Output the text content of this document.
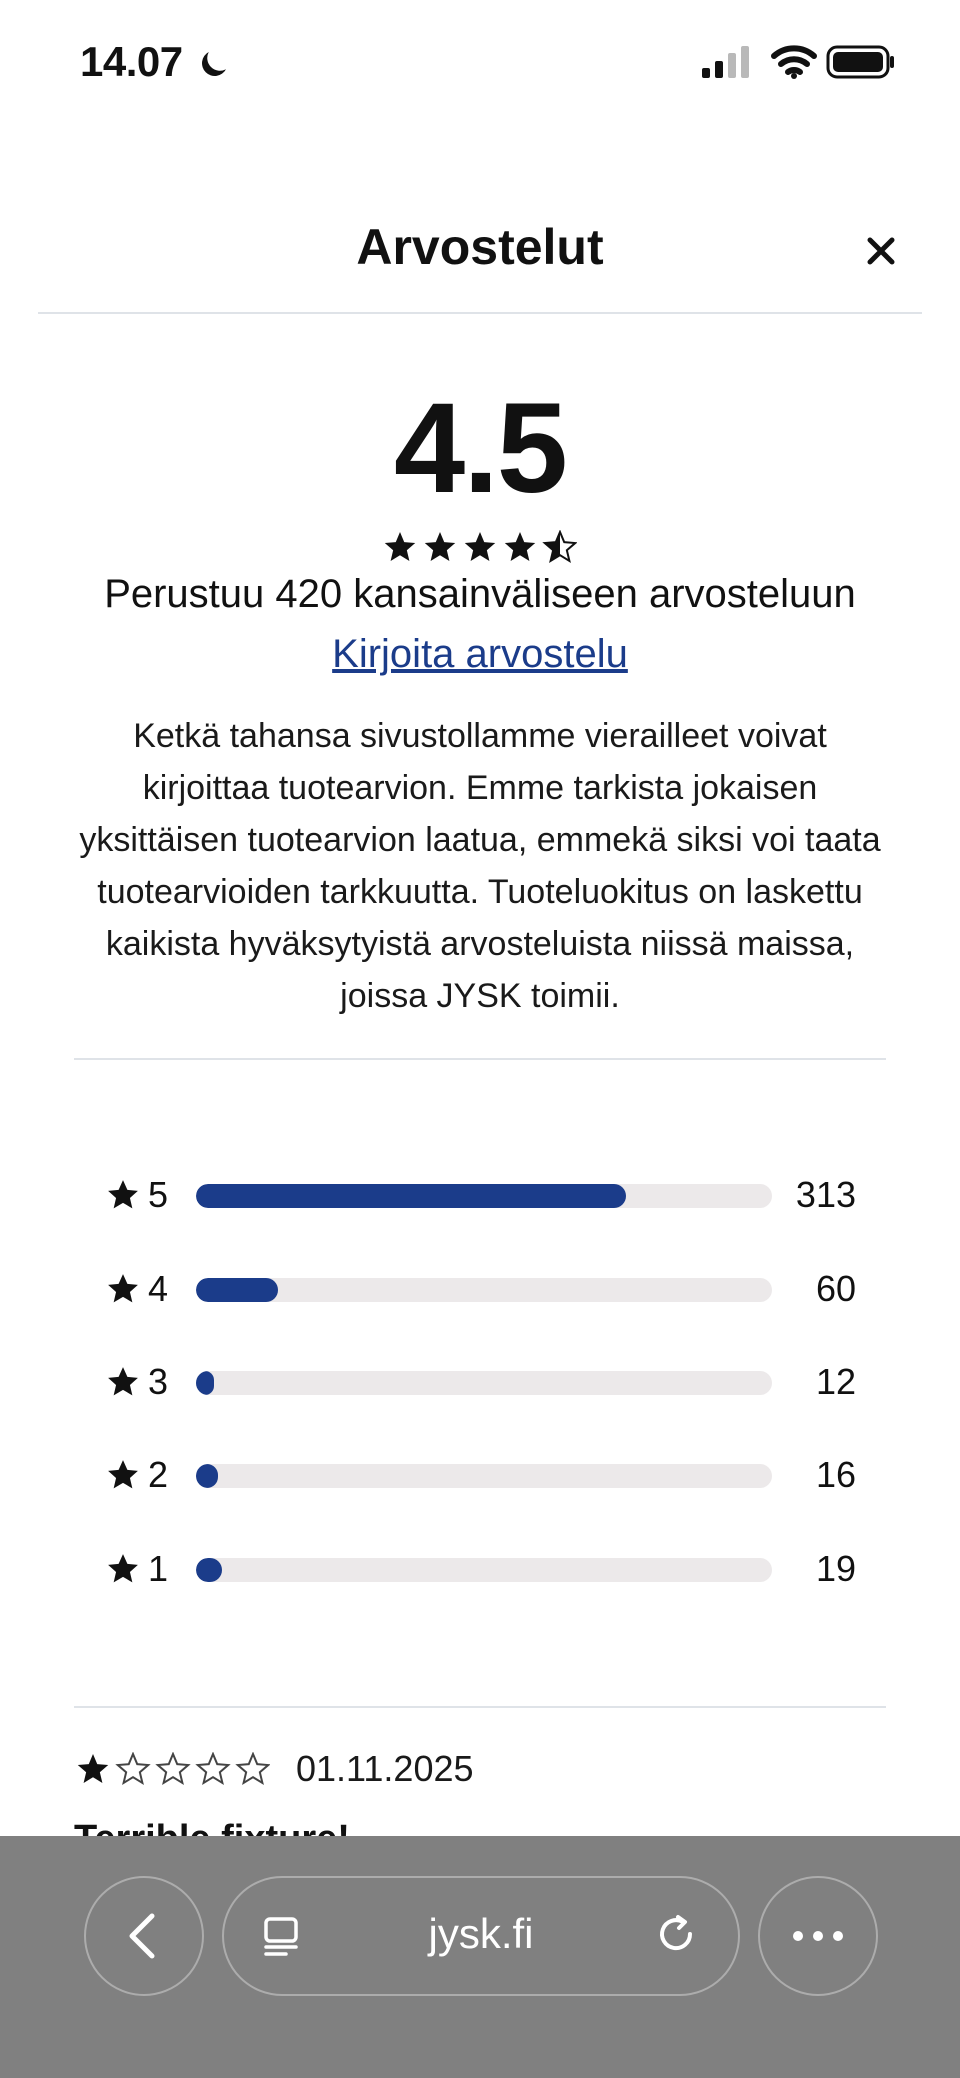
14.07
Arvostelut
4.5
Perustuu 420 kansainväliseen arvosteluun
Kirjoita arvostelu
Ketkä tahansa sivustollamme vierailleet voivat kirjoittaa tuotearvion. Emme tarkista jokaisen yksittäisen tuotearvion laatua, emmekä siksi voi taata tuotearvioiden tarkkuutta. Tuoteluokitus on laskettu kaikista hyväksytyistä arvosteluista niissä maissa, joissa JYSK toimii.
5	313
4	60
3	12
2	16
1	19
01.11.2025
jysk.fi
